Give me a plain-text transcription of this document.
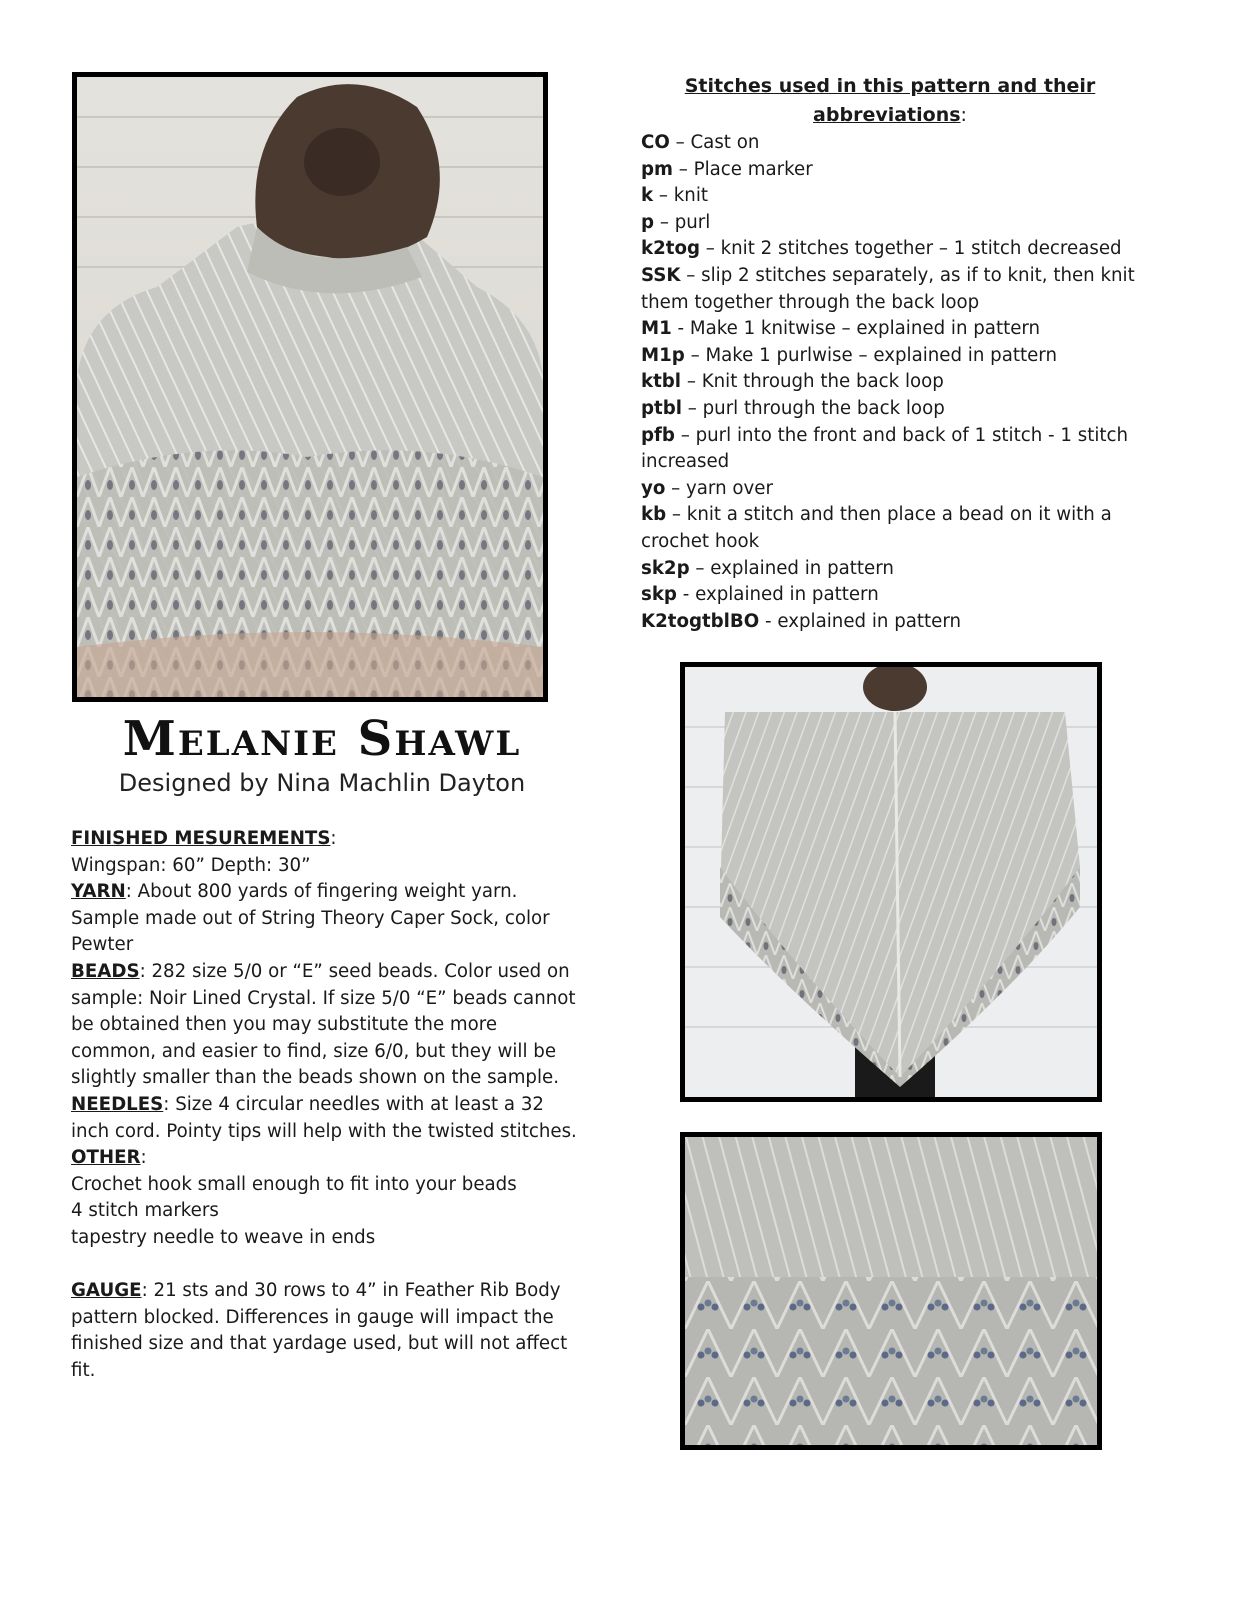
Melanie Shawl
Designed by Nina Machlin Dayton

FINISHED MESUREMENTS:

Wingspan: 60” Depth: 30”

YARN: About 800 yards of fingering weight yarn. Sample made out of String Theory Caper Sock, color Pewter

BEADS: 282 size 5/0 or “E” seed beads. Color used on sample: Noir Lined Crystal. If size 5/0 “E” beads cannot be obtained then you may substitute the more common, and easier to find, size 6/0, but they will be slightly smaller than the beads shown on the sample.

NEEDLES: Size 4 circular needles with at least a 32 inch cord. Pointy tips will help with the twisted stitches.

OTHER:

Crochet hook small enough to fit into your beads

4 stitch markers

tapestry needle to weave in ends

GAUGE: 21 sts and 30 rows to 4” in Feather Rib Body pattern blocked. Differences in gauge will impact the finished size and that yardage used, but will not affect fit.

Stitches used in this pattern and their
abbreviations:

CO – Cast on

pm – Place marker

k – knit

p – purl

k2tog – knit 2 stitches together – 1 stitch decreased

SSK – slip 2 stitches separately, as if to knit, then knit them together through the back loop

M1 - Make 1 knitwise – explained in pattern

M1p – Make 1 purlwise – explained in pattern

ktbl – Knit through the back loop

ptbl – purl through the back loop

pfb – purl into the front and back of 1 stitch - 1 stitch increased

yo – yarn over

kb – knit a stitch and then place a bead on it with a crochet hook

sk2p – explained in pattern

skp - explained in pattern

K2togtblBO - explained in pattern
